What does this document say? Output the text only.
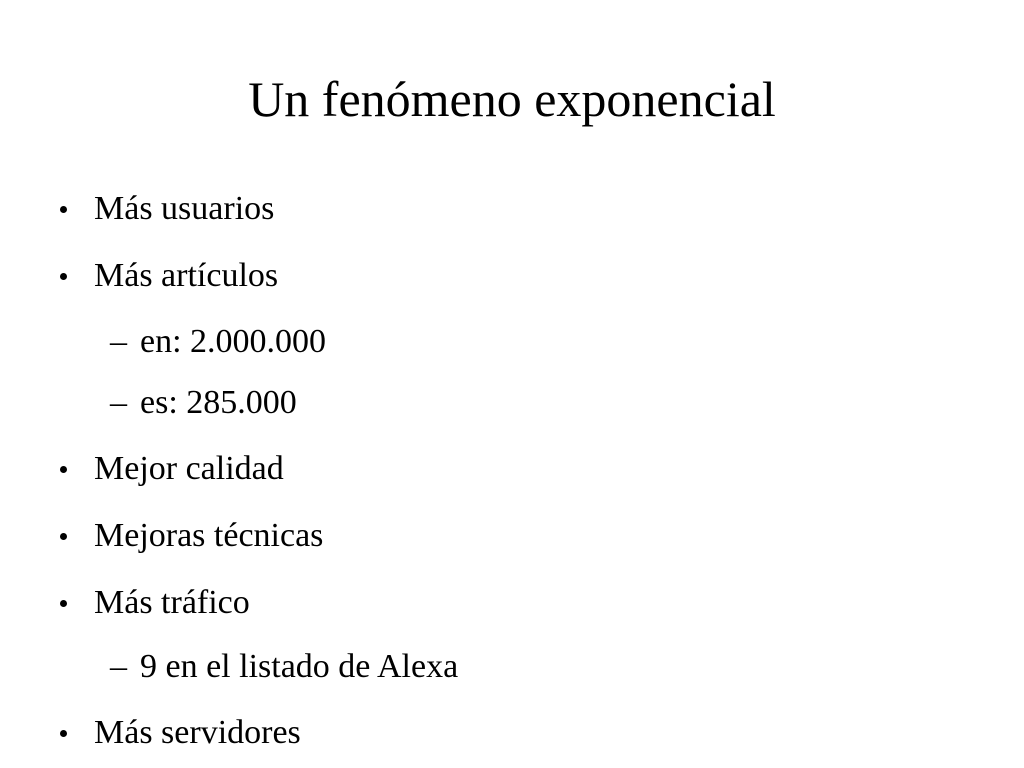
Un fenómeno exponencial
Más usuarios
Más artículos
– en: 2.000.000
– es: 285.000
Mejor calidad
Mejoras técnicas
Más tráfico
– 9 en el listado de Alexa
Más servidores
